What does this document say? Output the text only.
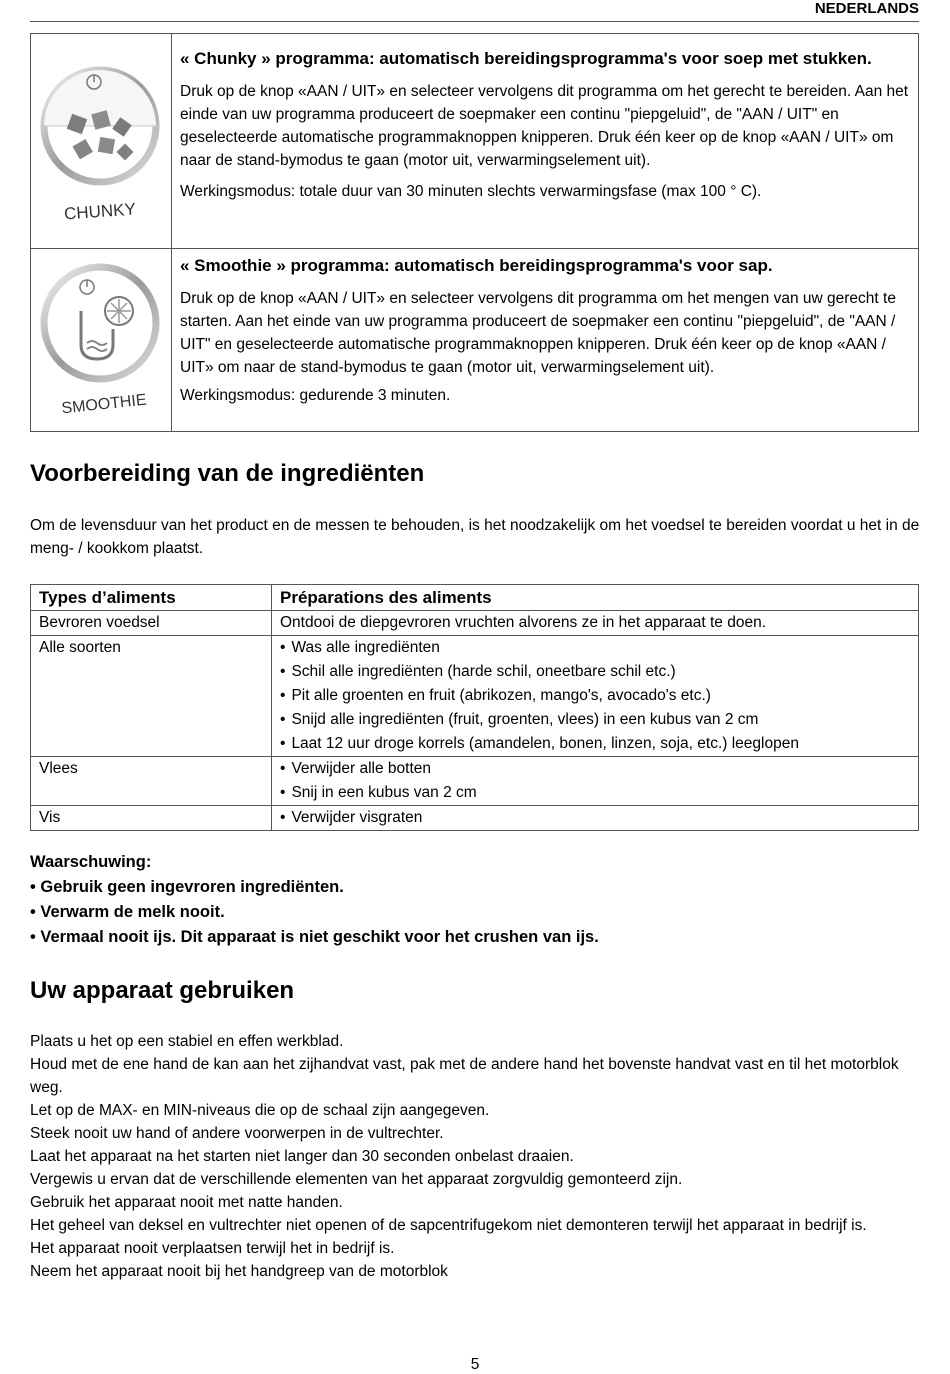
NEDERLANDS
CHUNKY	« Chunky » programma: automatisch bereidingsprogramma's voor soep met stukken.
Druk op de knop «AAN / UIT» en selecteer vervolgens dit programma om het gerecht te bereiden. Aan het einde van uw programma produceert de soepmaker een continu "piepgeluid", de "AAN / UIT" en geselecteerde automatische programmaknoppen knipperen. Druk één keer op de knop «AAN / UIT» om naar de stand-bymodus te gaan (motor uit, verwarmingselement uit).
Werkingsmodus: totale duur van 30 minuten slechts verwarmingsfase (max 100 ° C).

SMOOTHIE	« Smoothie » programma: automatisch bereidingsprogramma's voor sap.
Druk op de knop «AAN / UIT» en selecteer vervolgens dit programma om het mengen van uw gerecht te starten. Aan het einde van uw programma produceert de soepmaker een continu "piepgeluid", de "AAN / UIT" en geselecteerde automatische programmaknoppen knipperen. Druk één keer op de knop «AAN / UIT» om naar de stand-bymodus te gaan (motor uit, verwarmingselement uit).
Werkingsmodus: gedurende 3 minuten.
Voorbereiding van de ingrediënten

Om de levensduur van het product en de messen te behouden, is het noodzakelijk om het voedsel te bereiden voordat u het in de meng- / kookkom plaatst.

Types d’aliments	Préparations des aliments
Bevroren voedsel	Ontdooi de diepgevroren vruchten alvorens ze in het apparaat te doen.
Alle soorten	• Was alle ingrediënten
• Schil alle ingrediënten (harde schil, oneetbare schil etc.)
• Pit alle groenten en fruit (abrikozen, mango's, avocado's etc.)
• Snijd alle ingrediënten (fruit, groenten, vlees) in een kubus van 2 cm
• Laat 12 uur droge korrels (amandelen, bonen, linzen, soja, etc.) leeglopen

Vlees	• Verwijder alle botten
• Snij in een kubus van 2 cm

Vis	• Verwijder visgraten
Waarschuwing:
• Gebruik geen ingevroren ingrediënten.
• Verwarm de melk nooit.
• Vermaal nooit ijs. Dit apparaat is niet geschikt voor het crushen van ijs.
Uw apparaat gebruiken
Plaats u het op een stabiel en effen werkblad.
Houd met de ene hand de kan aan het zijhandvat vast, pak met de andere hand het bovenste handvat vast en til het motorblok weg.
Let op de MAX- en MIN-niveaus die op de schaal zijn aangegeven.
Steek nooit uw hand of andere voorwerpen in de vultrechter.
Laat het apparaat na het starten niet langer dan 30 seconden onbelast draaien.
Vergewis u ervan dat de verschillende elementen van het apparaat zorgvuldig gemonteerd zijn.
Gebruik het apparaat nooit met natte handen.
Het geheel van deksel en vultrechter niet openen of de sapcentrifugekom niet demonteren terwijl het apparaat in bedrijf is.
Het apparaat nooit verplaatsen terwijl het in bedrijf is.
Neem het apparaat nooit bij het handgreep van de motorblok
5
